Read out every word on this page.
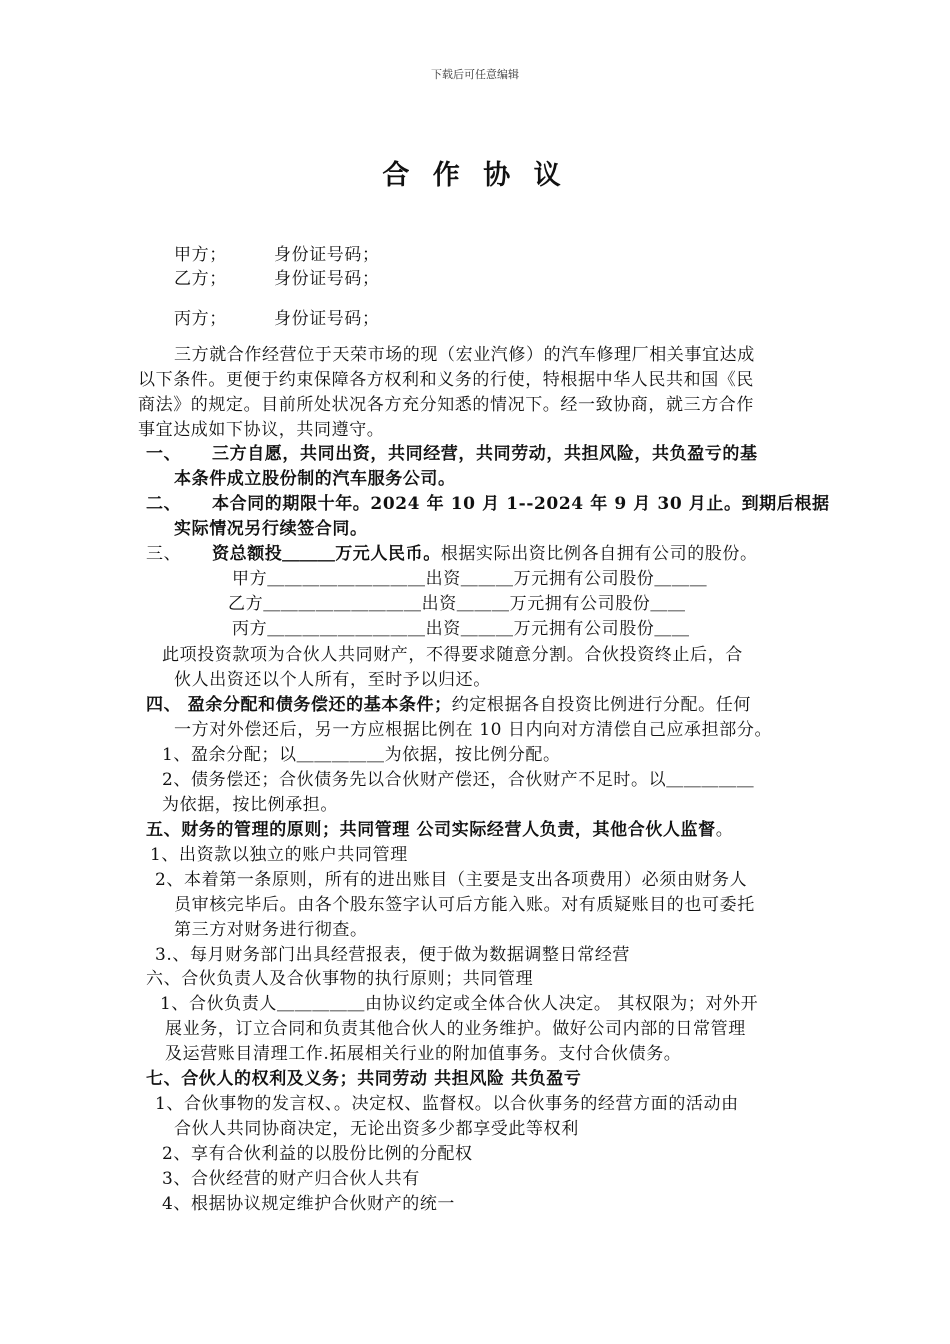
下载后可任意编辑
合 作 协 议
甲方；	身份证号码；
乙方；	身份证号码；
丙方；	身份证号码；
三方就合作经营位于天荣市场的现（宏业汽修）的汽车修理厂相关事宜达成
以下条件。更便于约束保障各方权利和义务的行使，特根据中华人民共和国《民
商法》的规定。目前所处状况各方充分知悉的情况下。经一致协商，就三方合作
事宜达成如下协议，共同遵守。
一、 三方自愿，共同出资，共同经营，共同劳动，共担风险，共负盈亏的基
本条件成立股份制的汽车服务公司。
二、 本合同的期限十年。2024 年 10 月 1--2024 年 9 月 30 月止。到期后根据
实际情况另行续签合同。
三、 资总额投＿＿＿万元人民币。根据实际出资比例各自拥有公司的股份。
甲方＿＿＿＿＿＿＿＿＿出资＿＿＿万元拥有公司股份＿＿＿
乙方＿＿＿＿＿＿＿＿＿出资＿＿＿万元拥有公司股份＿＿
丙方＿＿＿＿＿＿＿＿＿出资＿＿＿万元拥有公司股份＿＿
此项投资款项为合伙人共同财产，不得要求随意分割。合伙投资终止后，合
伙人出资还以个人所有，至时予以归还。
四、 盈余分配和债务偿还的基本条件；约定根据各自投资比例进行分配。任何
一方对外偿还后，另一方应根据比例在 10 日内向对方清偿自己应承担部分。
1、盈余分配；以＿＿＿＿＿为依据，按比例分配。
2、债务偿还；合伙债务先以合伙财产偿还，合伙财产不足时。以＿＿＿＿＿
为依据，按比例承担。
五、财务的管理的原则；共同管理 公司实际经营人负责，其他合伙人监督。
1、出资款以独立的账户共同管理
2、本着第一条原则，所有的进出账目（主要是支出各项费用）必须由财务人
员审核完毕后。由各个股东签字认可后方能入账。对有质疑账目的也可委托
第三方对财务进行彻查。
3.、每月财务部门出具经营报表，便于做为数据调整日常经营
六、合伙负责人及合伙事物的执行原则；共同管理
1、合伙负责人＿＿＿＿＿由协议约定或全体合伙人决定。 其权限为；对外开
展业务，订立合同和负责其他合伙人的业务维护。做好公司内部的日常管理
及运营账目清理工作.拓展相关行业的附加值事务。支付合伙债务。
七、合伙人的权利及义务；共同劳动 共担风险 共负盈亏
1、合伙事物的发言权、。决定权、监督权。以合伙事务的经营方面的活动由
合伙人共同协商决定，无论出资多少都享受此等权利
2、享有合伙利益的以股份比例的分配权
3、合伙经营的财产归合伙人共有
4、根据协议规定维护合伙财产的统一
